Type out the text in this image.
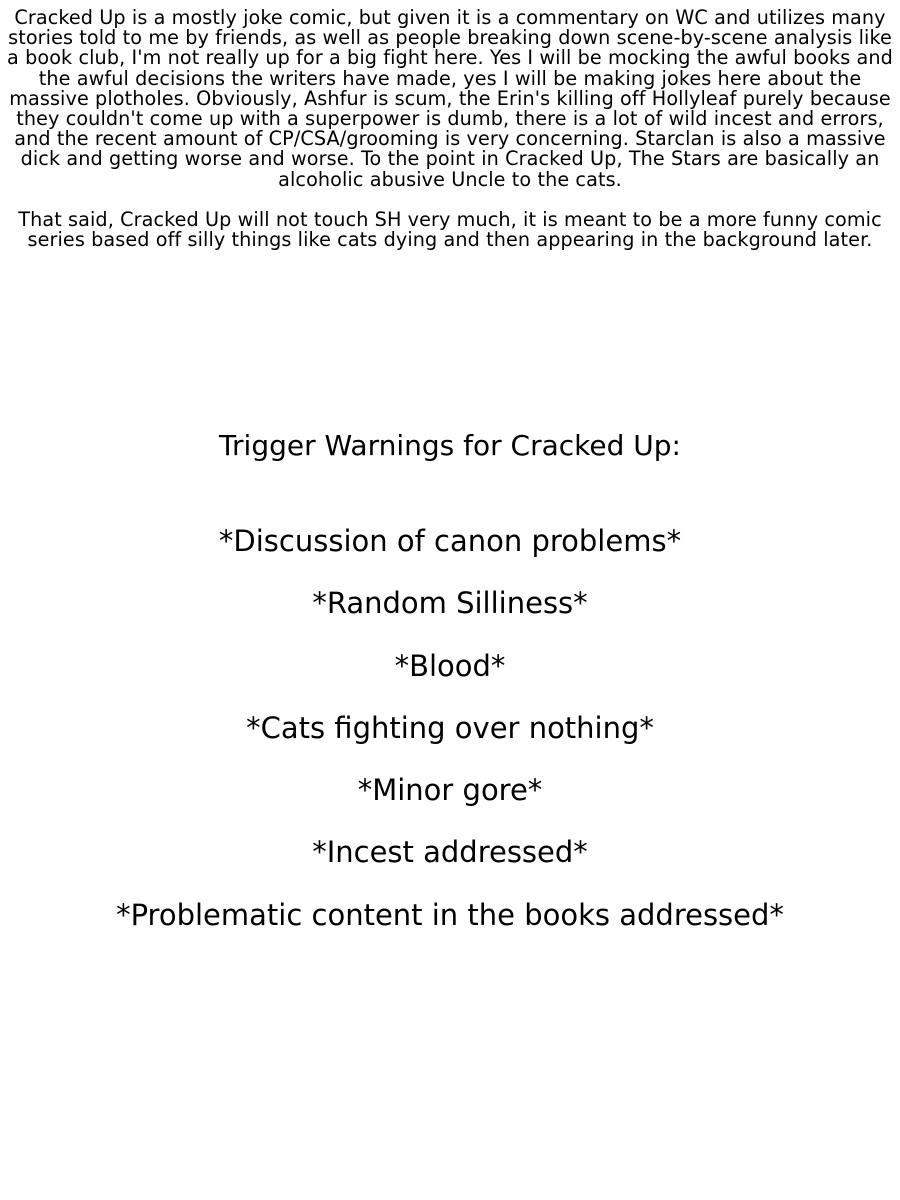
Cracked Up is a mostly joke comic, but given it is a commentary on WC and utilizes many stories told to me by friends, as well as people breaking down scene-by-scene analysis like a book club, I'm not really up for a big fight here. Yes I will be mocking the awful books and the awful decisions the writers have made, yes I will be making jokes here about the massive plotholes. Obviously, Ashfur is scum, the Erin's killing off Hollyleaf purely because they couldn't come up with a superpower is dumb, there is a lot of wild incest and errors, and the recent amount of CP/CSA/grooming is very concerning. Starclan is also a massive dick and getting worse and worse. To the point in Cracked Up, The Stars are basically an alcoholic abusive Uncle to the cats.

That said, Cracked Up will not touch SH very much, it is meant to be a more funny comic series based off silly things like cats dying and then appearing in the background later.

Trigger Warnings for Cracked Up:
*Discussion of canon problems*
*Random Silliness*
*Blood*
*Cats fighting over nothing*
*Minor gore*
*Incest addressed*
*Problematic content in the books addressed*
